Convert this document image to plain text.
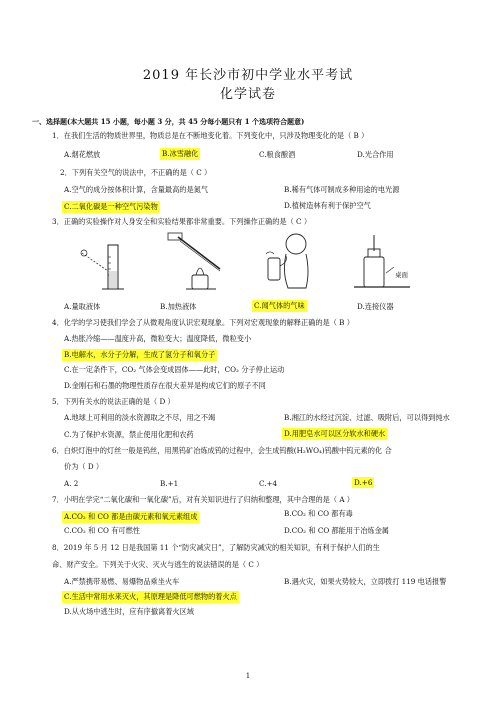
2019 年长沙市初中学业水平考试
化学试卷
一、选择题(本大题共 15 小题，每小题 3 分，共 45 分每小题只有 1 个选项符合题意)
1．在我们生活的物质世界里，物质总是在不断地变化着。下列变化中，只涉及物理变化的是（ B ）
A.烟花燃放	B.冰雪融化	C.粮食酿酒	D.光合作用
2．下列有关空气的说法中，不正确的是（ C ）
A.空气的成分按体积计算，含量最高的是氮气	B.稀有气体可制成多种用途的电光源
C.二氧化碳是一种空气污染物	D.植树造林有利于保护空气
3．正确的实验操作对人身安全和实验结果都非常重要。下列操作正确的是（ C ）
桌面
A.量取液体	B.加热液体	C.闻气体的气味	D.连接仪器
4．化学的学习使我们学会了从微观角度认识宏观现象。下列对宏观现象的解释正确的是（ B ）
A.热胀冷缩——温度升高，微粒变大；温度降低，微粒变小
B.电解水，水分子分解，生成了氢分子和氧分子
C.在一定条件下，CO₂ 气体会变成固体——此时，CO₂ 分子停止运动
D.金刚石和石墨的物理性质存在很大差异是构成它们的原子不同
5．下列有关水的说法正确的是（ D ）
A.地球上可利用的淡水资源取之不尽，用之不竭	B.湘江的水经过沉淀、过滤、吸附后，可以得到纯水
C.为了保护水资源，禁止使用化肥和农药	D.用肥皂水可以区分软水和硬水
6．白炽灯泡中的灯丝一般是钨丝，用黑钨矿冶炼成钨的过程中，会生成钨酸(H₂WO₄)钨酸中钨元素的化 合
价为（ D ）
A. 2	B.+1	C.+4	D.+6
7．小明在学完“二氧化碳和一氧化碳”后，对有关知识进行了归纳和整理，其中合理的是（ A ）
A.CO₂ 和 CO 都是由碳元素和氧元素组成	B.CO₂ 和 CO 都有毒
C.CO₂ 和 CO 有可燃性	D.CO₂ 和 CO 都能用于冶炼金属
8．2019 年 5 月 12 日是我国第 11 个“防灾减灾日”，了解防灾减灾的相关知识，有利于保护人们的生
命、财产安全。下列关于火灾、灭火与逃生的说法错误的是（ C ）
A.严禁携带易燃、易爆物品乘坐火车	B.遇火灾，如果火势较大，立即拨打 119 电话报警
C.生活中常用水来灭火，其原理是降低可燃物的着火点
D.从火场中逃生时，应有序撤离着火区域
1
